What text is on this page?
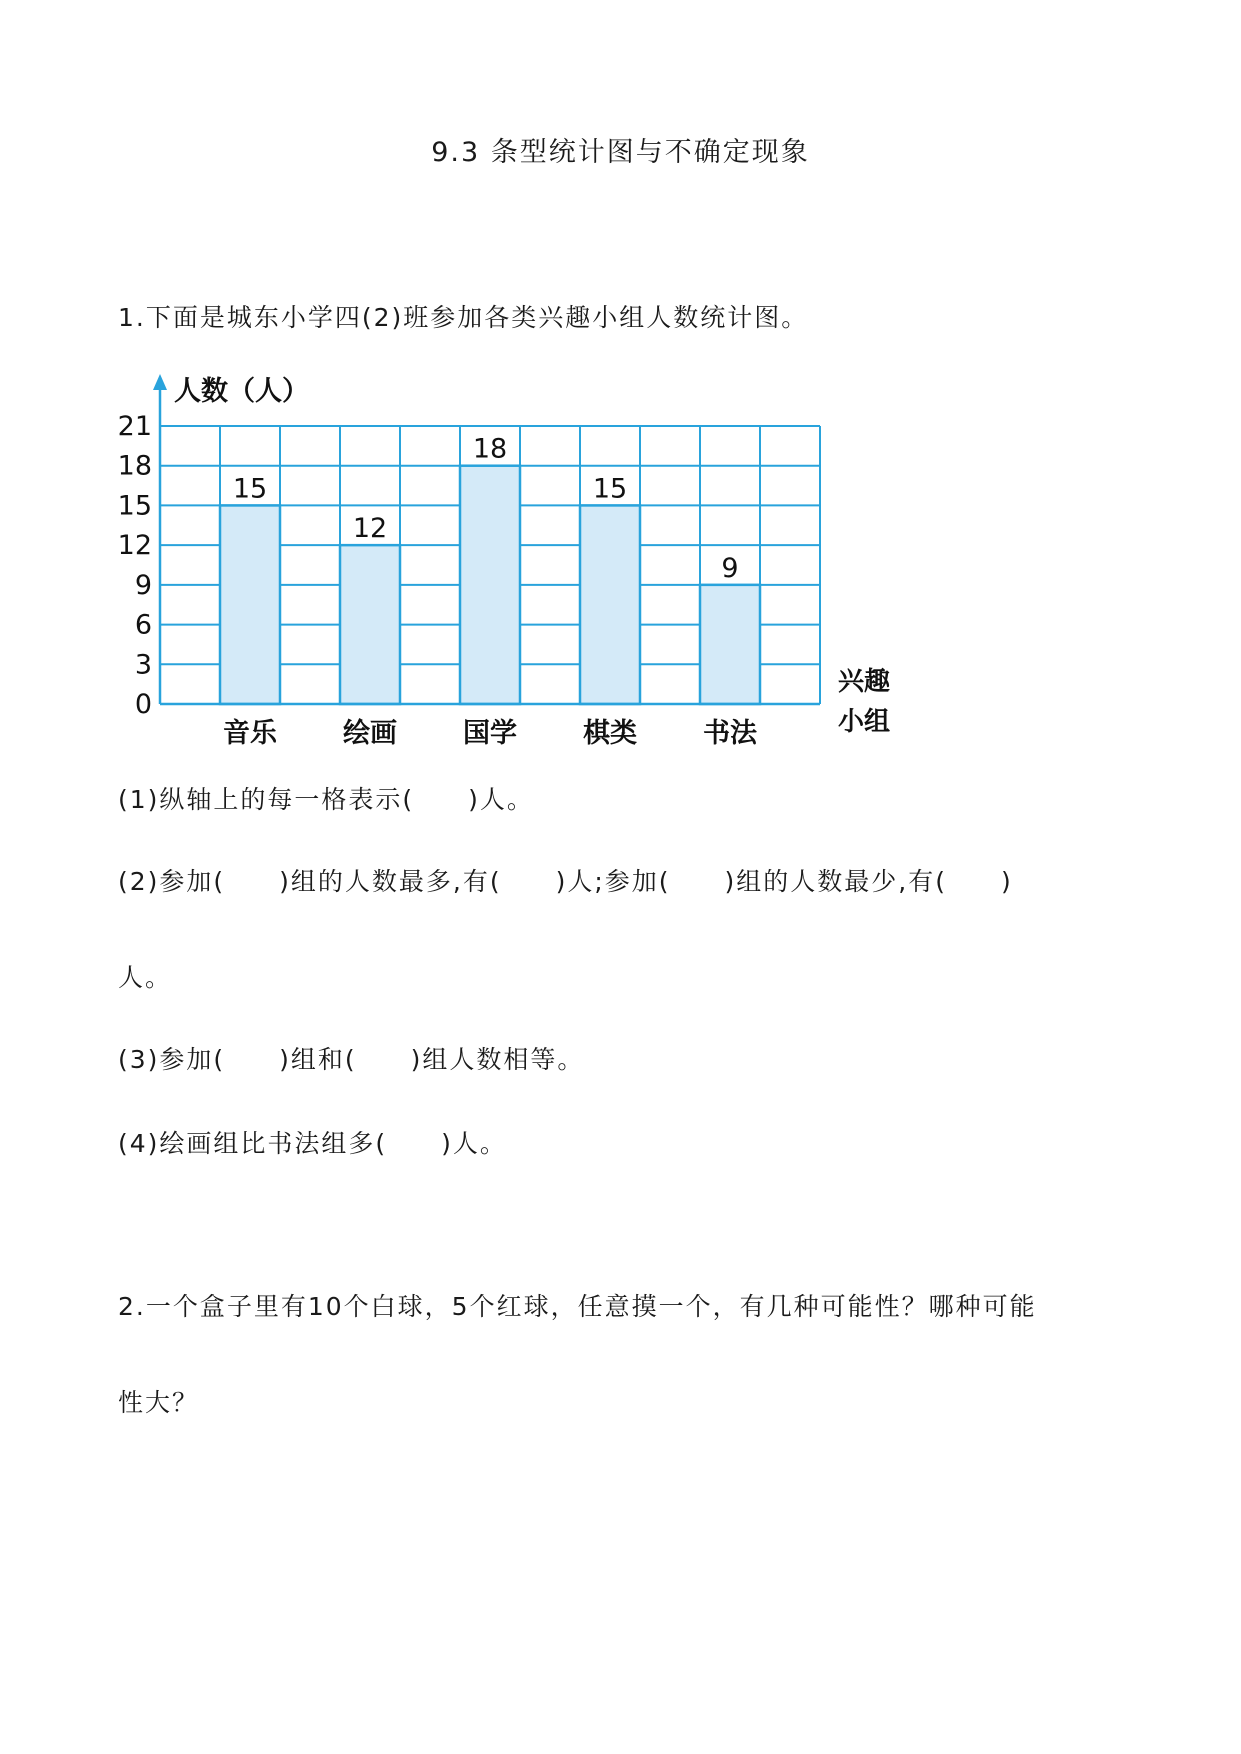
9.3 条型统计图与不确定现象
1.下面是城东小学四(2)班参加各类兴趣小组人数统计图。
15
音乐
12
绘画
18
国学
15
棋类
9
书法
0
3
6
9
12
15
18
21
人数（人）
兴趣
小组
(1)纵轴上的每一格表示(　　)人。
(2)参加(　　)组的人数最多,有(　　)人;参加(　　)组的人数最少,有(　　)
人。
(3)参加(　　)组和(　　)组人数相等。
(4)绘画组比书法组多(　　)人。
2.一个盒子里有10个白球，5个红球，任意摸一个，有几种可能性？哪种可能
性大？
